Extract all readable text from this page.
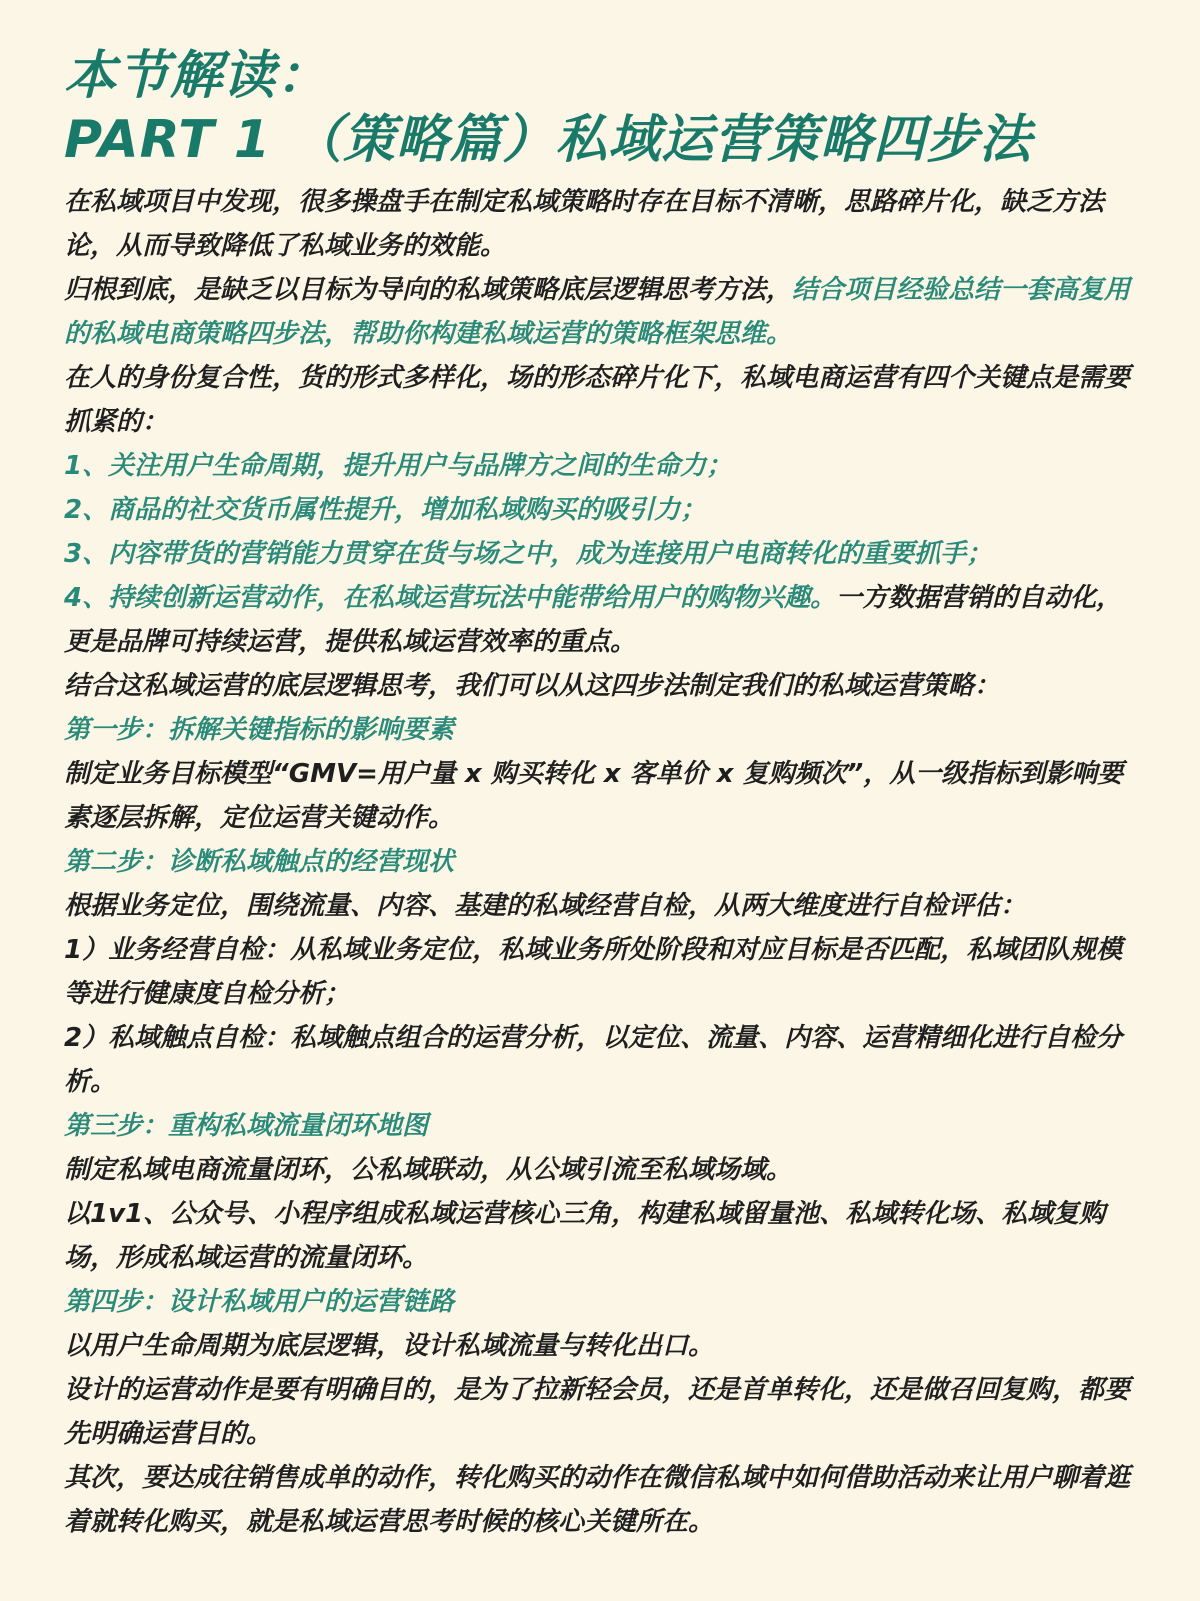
本节解读：
PART 1 （策略篇）私域运营策略四步法

在私域项目中发现，很多操盘手在制定私域策略时存在目标不清晰，思路碎片化，缺乏方法论，从而导致降低了私域业务的效能。

归根到底，是缺乏以目标为导向的私域策略底层逻辑思考方法，结合项目经验总结一套高复用的私域电商策略四步法，帮助你构建私域运营的策略框架思维。

在人的身份复合性，货的形式多样化，场的形态碎片化下，私域电商运营有四个关键点是需要抓紧的：

1、关注用户生命周期，提升用户与品牌方之间的生命力；

2、商品的社交货币属性提升，增加私域购买的吸引力；

3、内容带货的营销能力贯穿在货与场之中，成为连接用户电商转化的重要抓手；

4、持续创新运营动作，在私域运营玩法中能带给用户的购物兴趣。一方数据营销的自动化，更是品牌可持续运营，提供私域运营效率的重点。

结合这私域运营的底层逻辑思考，我们可以从这四步法制定我们的私域运营策略：

第一步：拆解关键指标的影响要素

制定业务目标模型“GMV=用户量 x 购买转化 x 客单价 x 复购频次”，从一级指标到影响要素逐层拆解，定位运营关键动作。

第二步：诊断私域触点的经营现状

根据业务定位，围绕流量、内容、基建的私域经营自检，从两大维度进行自检评估：

1）业务经营自检：从私域业务定位，私域业务所处阶段和对应目标是否匹配，私域团队规模等进行健康度自检分析；

2）私域触点自检：私域触点组合的运营分析，以定位、流量、内容、运营精细化进行自检分析。

第三步：重构私域流量闭环地图

制定私域电商流量闭环，公私域联动，从公域引流至私域场域。

以1v1、公众号、小程序组成私域运营核心三角，构建私域留量池、私域转化场、私域复购场，形成私域运营的流量闭环。

第四步：设计私域用户的运营链路

以用户生命周期为底层逻辑，设计私域流量与转化出口。

设计的运营动作是要有明确目的，是为了拉新轻会员，还是首单转化，还是做召回复购，都要先明确运营目的。

其次，要达成往销售成单的动作，转化购买的动作在微信私域中如何借助活动来让用户聊着逛着就转化购买，就是私域运营思考时候的核心关键所在。
